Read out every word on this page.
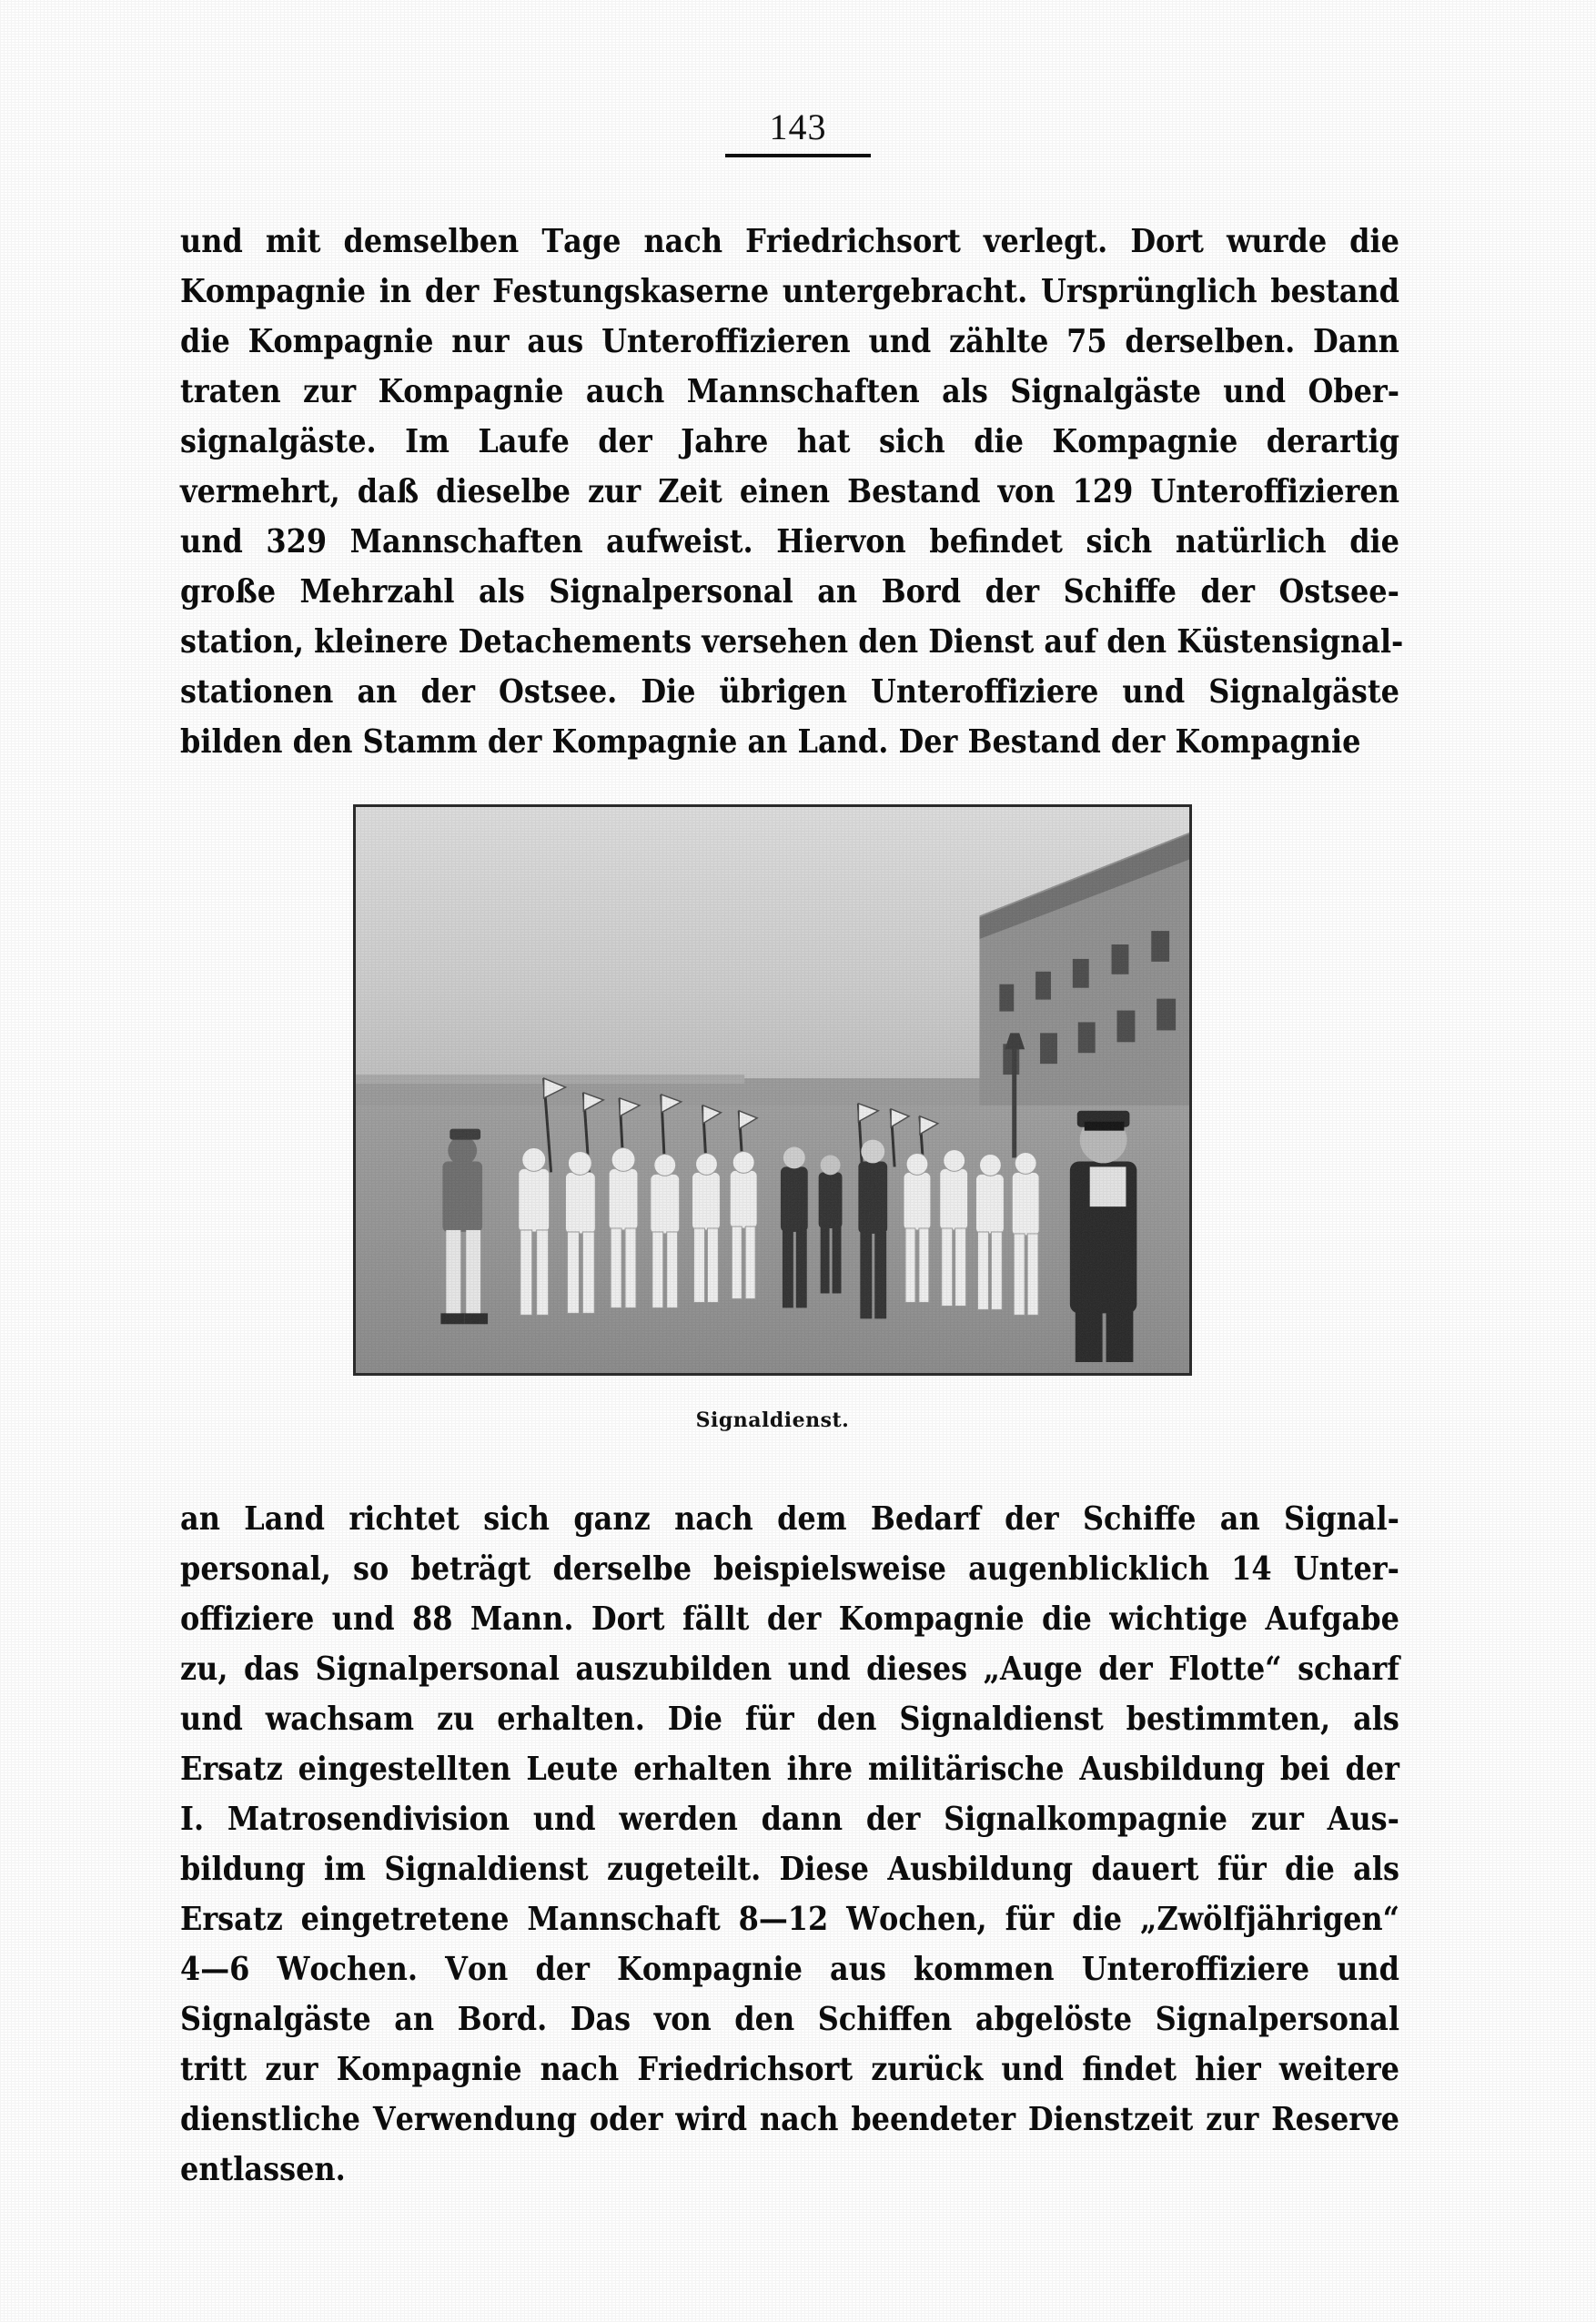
143
und mit demselben Tage nach Friedrichsort verlegt. Dort wurde die
Kompagnie in der Festungskaserne untergebracht. Ursprünglich bestand
die Kompagnie nur aus Unteroffizieren und zählte 75 derselben. Dann
traten zur Kompagnie auch Mannschaften als Signalgäste und Ober-
signalgäste. Im Laufe der Jahre hat sich die Kompagnie derartig
vermehrt, daß dieselbe zur Zeit einen Bestand von 129 Unteroffizieren
und 329 Mannschaften aufweist. Hiervon befindet sich natürlich die
große Mehrzahl als Signalpersonal an Bord der Schiffe der Ostsee-
station, kleinere Detachements versehen den Dienst auf den Küstensignal-
stationen an der Ostsee. Die übrigen Unteroffiziere und Signalgäste
bilden den Stamm der Kompagnie an Land. Der Bestand der Kompagnie
Signaldienst.
an Land richtet sich ganz nach dem Bedarf der Schiffe an Signal-
personal, so beträgt derselbe beispielsweise augenblicklich 14 Unter-
offiziere und 88 Mann. Dort fällt der Kompagnie die wichtige Aufgabe
zu, das Signalpersonal auszubilden und dieses „Auge der Flotte“ scharf
und wachsam zu erhalten. Die für den Signaldienst bestimmten, als
Ersatz eingestellten Leute erhalten ihre militärische Ausbildung bei der
I. Matrosendivision und werden dann der Signalkompagnie zur Aus-
bildung im Signaldienst zugeteilt. Diese Ausbildung dauert für die als
Ersatz eingetretene Mannschaft 8—12 Wochen, für die „Zwölfjährigen“
4—6 Wochen. Von der Kompagnie aus kommen Unteroffiziere und
Signalgäste an Bord. Das von den Schiffen abgelöste Signalpersonal
tritt zur Kompagnie nach Friedrichsort zurück und findet hier weitere
dienstliche Verwendung oder wird nach beendeter Dienstzeit zur Reserve
entlassen.
